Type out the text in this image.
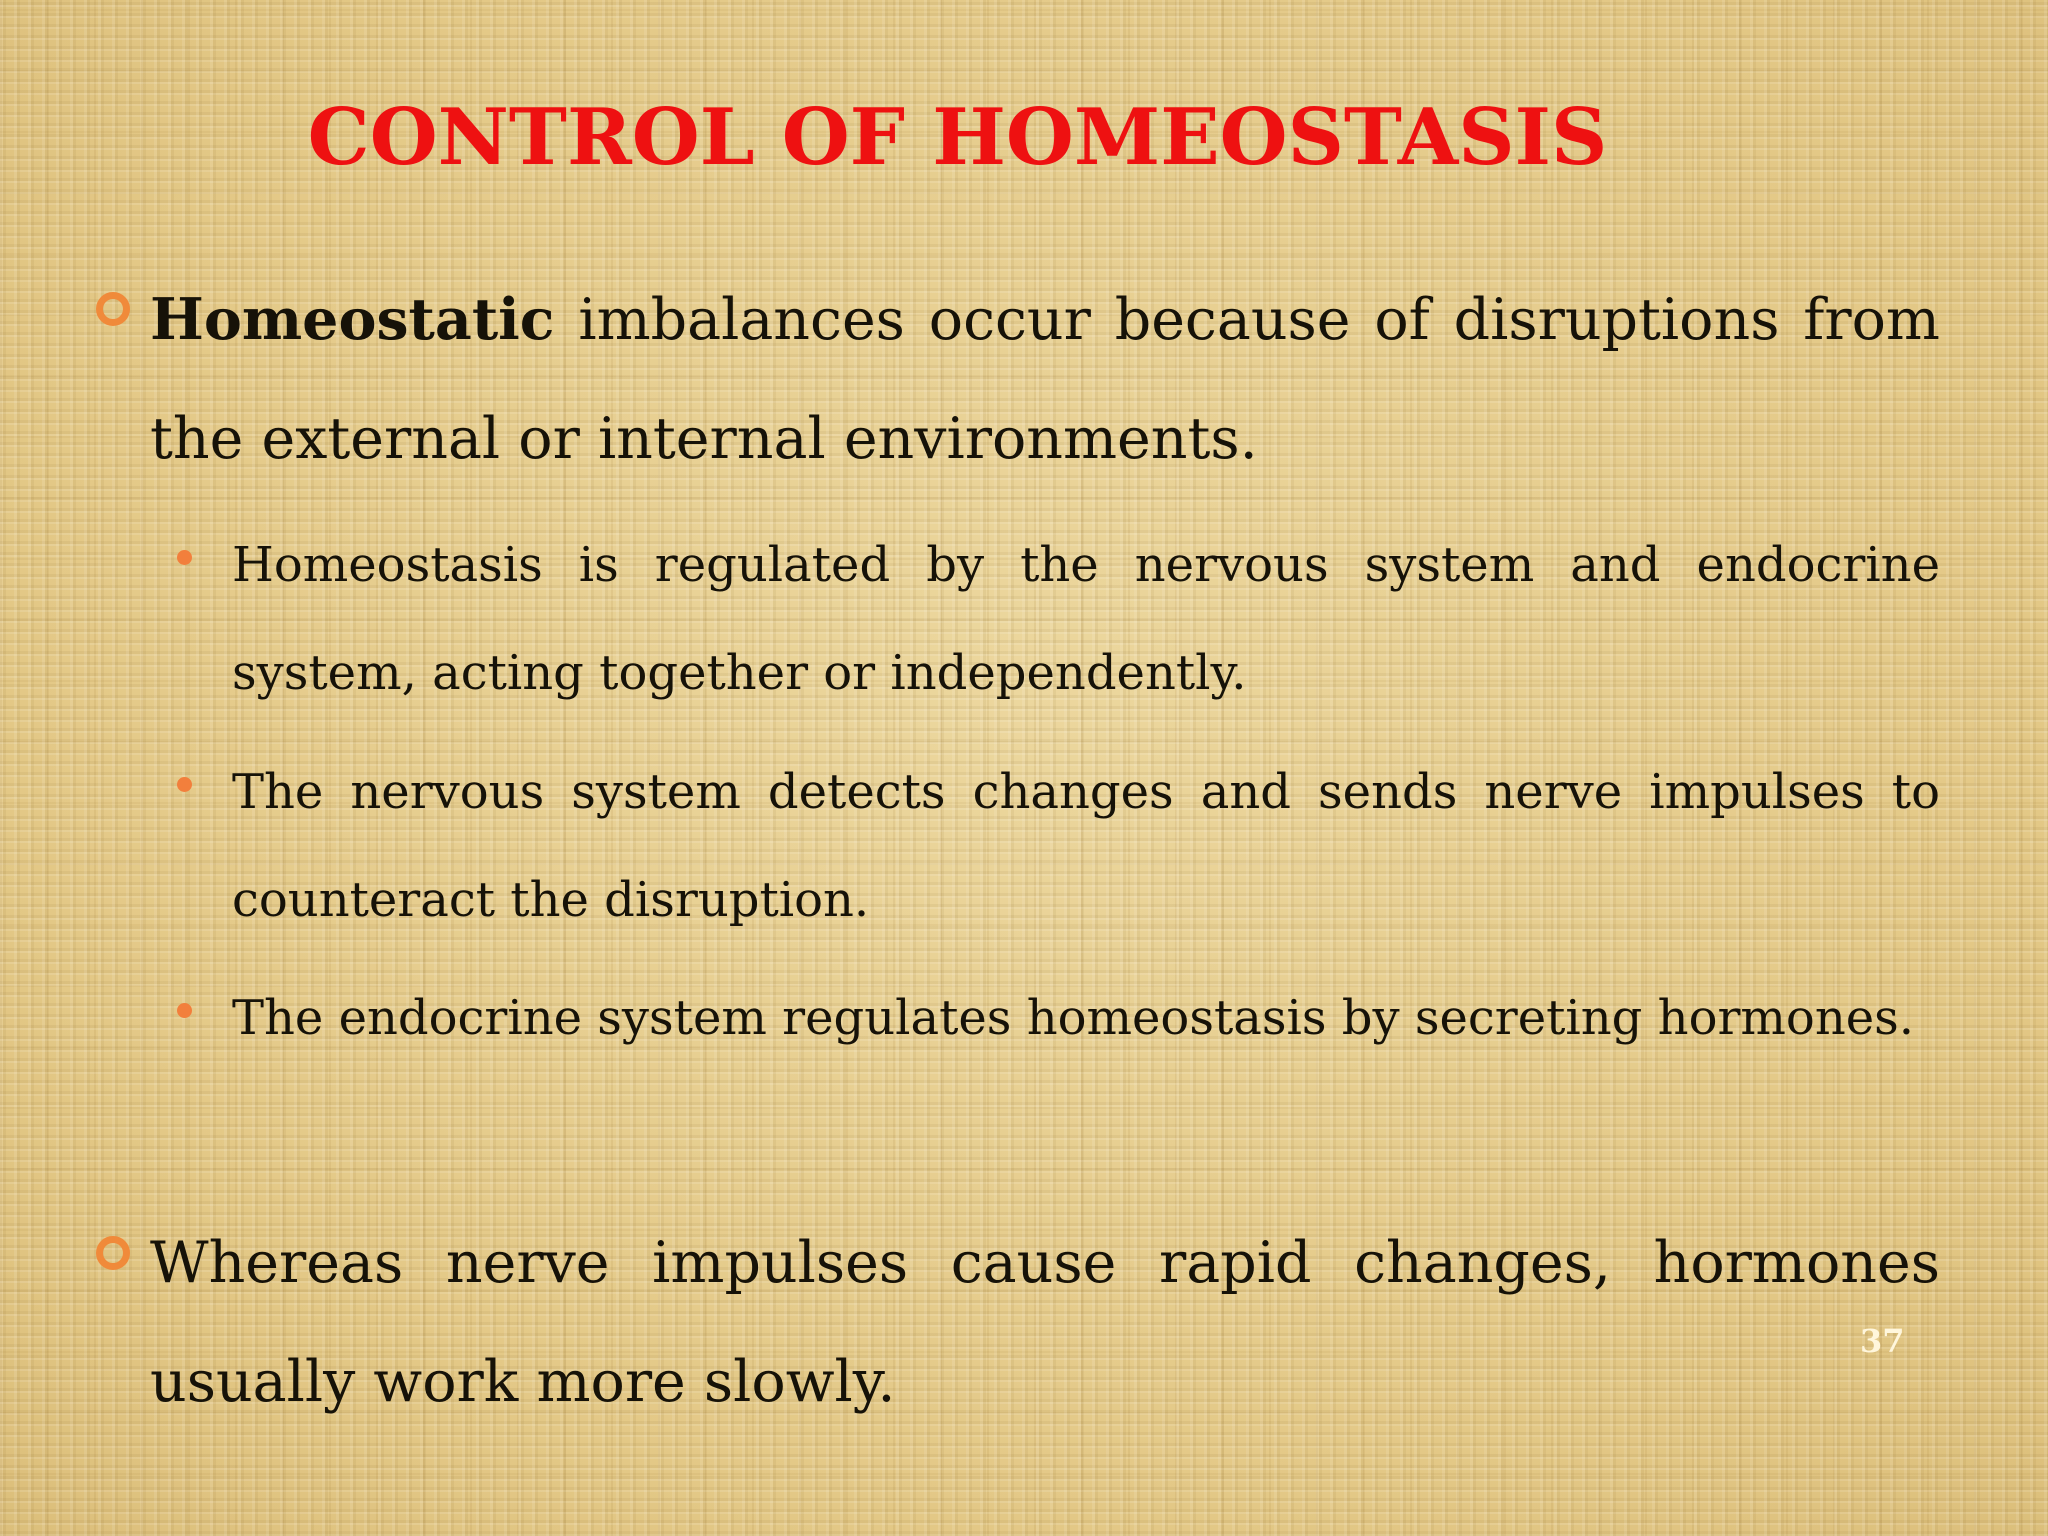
CONTROL OF HOMEOSTASIS

Homeostatic imbalances occur because of disruptions from the external or internal environments.

Homeostasis is regulated by the nervous system and endocrine system, acting together or independently.

The nervous system detects changes and sends nerve impulses to counteract the disruption.

The endocrine system regulates homeostasis by secreting hormones.

Whereas nerve impulses cause rapid changes, hormones usually work more slowly.

37
